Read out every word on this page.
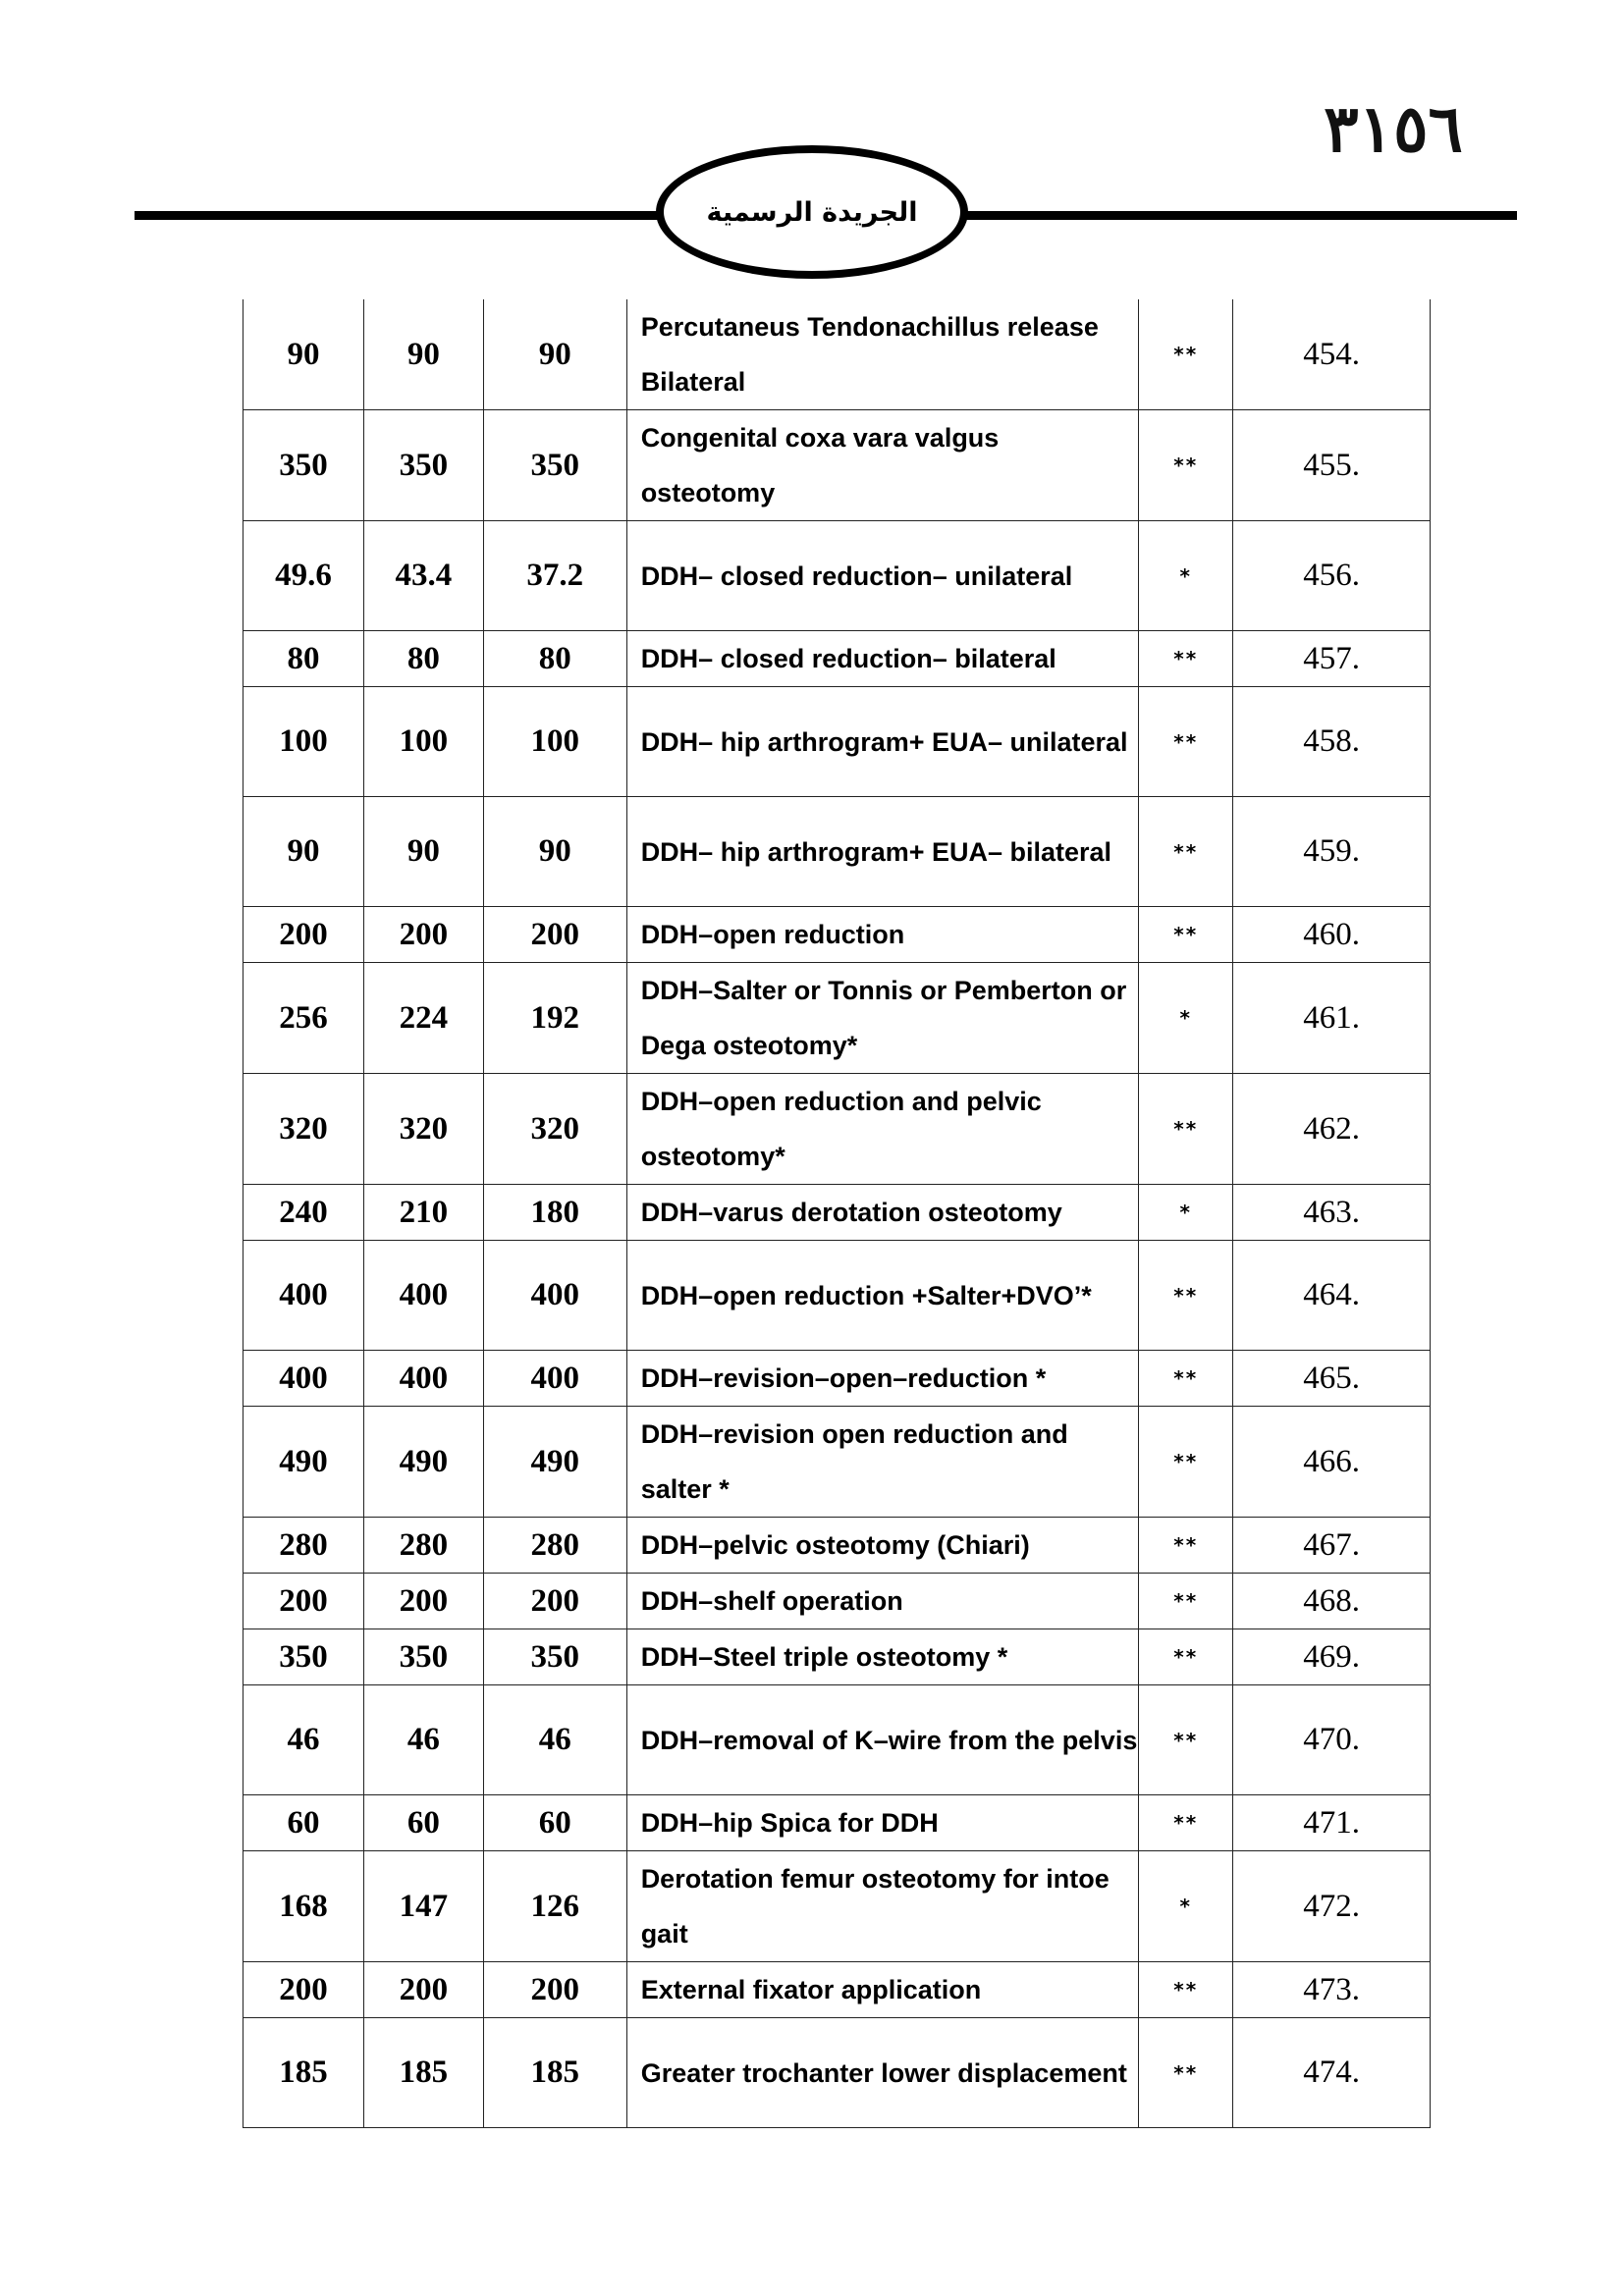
٣١٥٦
الجريدة الرسمية
90	90	90	Percutaneus Tendonachillus release Bilateral	**	454.
350	350	350	Congenital coxa vara valgus osteotomy	**	455.
49.6	43.4	37.2	DDH– closed reduction– unilateral	*	456.
80	80	80	DDH– closed reduction– bilateral	**	457.
100	100	100	DDH– hip arthrogram+ EUA– unilateral	**	458.
90	90	90	DDH– hip arthrogram+ EUA– bilateral	**	459.
200	200	200	DDH–open reduction	**	460.
256	224	192	DDH–Salter or Tonnis or Pemberton or Dega osteotomy*	*	461.
320	320	320	DDH–open reduction and pelvic osteotomy*	**	462.
240	210	180	DDH–varus derotation osteotomy	*	463.
400	400	400	DDH–open reduction +Salter+DVO’*	**	464.
400	400	400	DDH–revision–open–reduction *	**	465.
490	490	490	DDH–revision open reduction and salter *	**	466.
280	280	280	DDH–pelvic osteotomy (Chiari)	**	467.
200	200	200	DDH–shelf operation	**	468.
350	350	350	DDH–Steel triple osteotomy *	**	469.
46	46	46	DDH–removal of K–wire from the pelvis	**	470.
60	60	60	DDH–hip Spica for DDH	**	471.
168	147	126	Derotation femur osteotomy for intoe gait	*	472.
200	200	200	External fixator application	**	473.
185	185	185	Greater trochanter lower displacement	**	474.
